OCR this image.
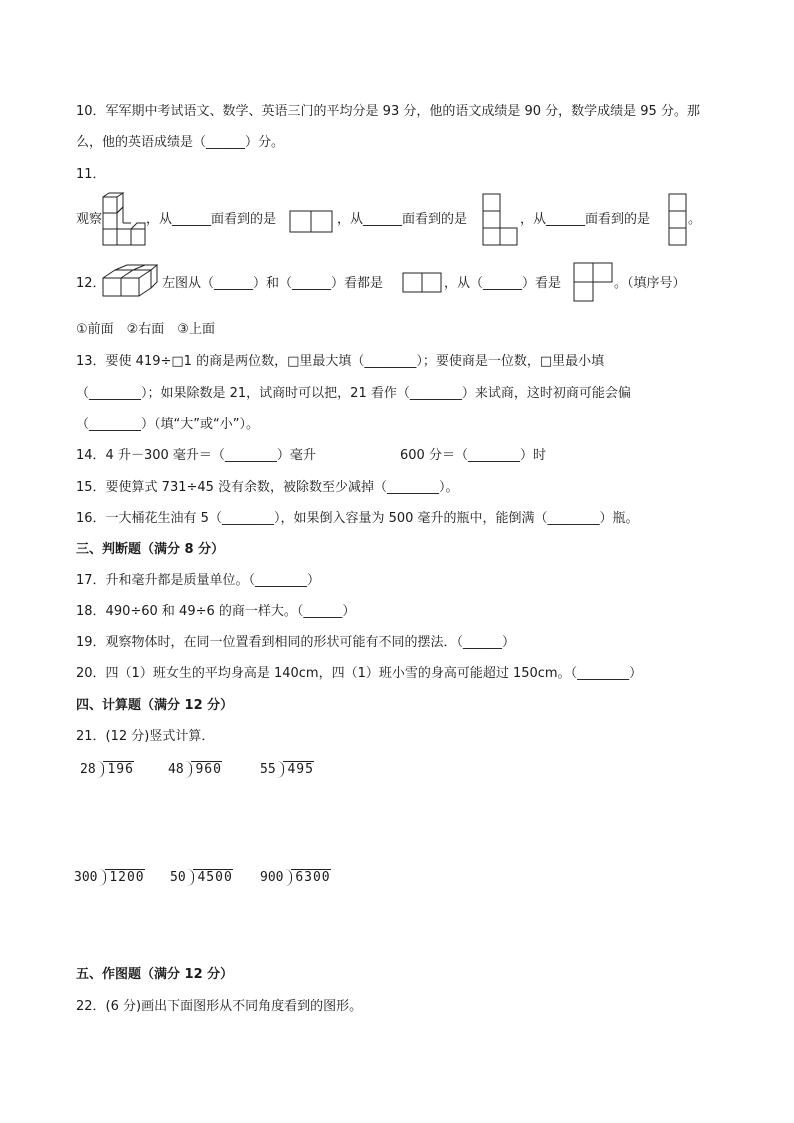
10．军军期中考试语文、数学、英语三门的平均分是 93 分，他的语文成绩是 90 分，数学成绩是 95 分。那
么，他的英语成绩是（______）分。
11．
观察	，从______面看到的是	，从______面看到的是	，从______面看到的是	。
12．	左图从（______）和（______）看都是	，从（______）看是	。（填序号）
①前面　②右面　③上面
13．要使 419÷□1 的商是两位数，□里最大填（________）；要使商是一位数，□里最小填
（________）；如果除数是 21，试商时可以把，21 看作（________）来试商，这时初商可能会偏
（________）（填“大”或“小”）。
14．4 升－300 毫升＝（________）毫升	600 分＝（________）时
15．要使算式 731÷45 没有余数，被除数至少减掉（________）。
16．一大桶花生油有 5（________），如果倒入容量为 500 毫升的瓶中，能倒满（________）瓶。
三、判断题（满分 8 分）
17．升和毫升都是质量单位。（________）
18．490÷60 和 49÷6 的商一样大。（______）
19．观察物体时，在同一位置看到相同的形状可能有不同的摆法．（______）
20．四（1）班女生的平均身高是 140cm，四（1）班小雪的身高可能超过 150cm。（________）
四、计算题（满分 12 分）
21．(12 分)竖式计算．
28 196	48 960	55 495
300 1200 50 4500 900 6300
五、作图题（满分 12 分）
22．(6 分)画出下面图形从不同角度看到的图形。
